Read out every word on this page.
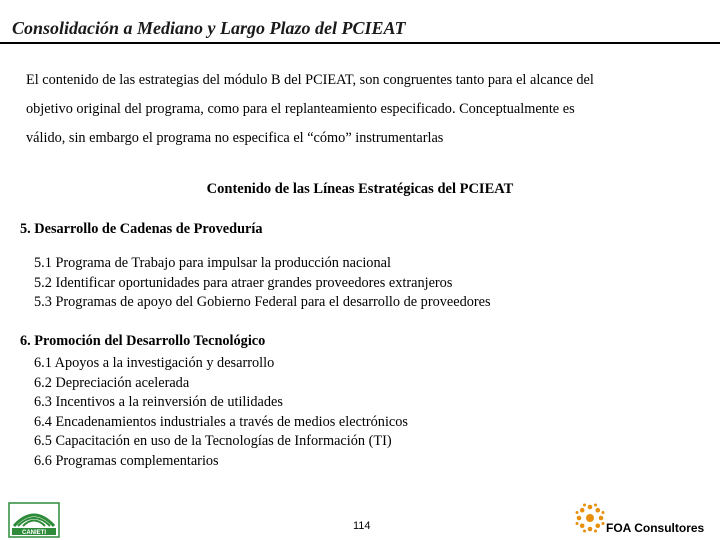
Consolidación a Mediano y Largo Plazo del PCIEAT
El contenido de las estrategias del módulo B del PCIEAT, son congruentes tanto para el alcance del
objetivo original del programa, como para el replanteamiento especificado. Conceptualmente es
válido, sin embargo el programa no especifica el “cómo” instrumentarlas
Contenido de las Líneas Estratégicas del PCIEAT
5. Desarrollo de Cadenas de Proveduría
5.1 Programa de Trabajo para impulsar la producción nacional
5.2 Identificar oportunidades para atraer grandes proveedores extranjeros
5.3 Programas de apoyo del Gobierno Federal para el desarrollo de proveedores
6. Promoción del Desarrollo Tecnológico
6.1 Apoyos a la investigación y desarrollo
6.2 Depreciación acelerada
6.3 Incentivos a la reinversión de utilidades
6.4 Encadenamientos industriales a través de medios electrónicos
6.5 Capacitación en uso de la Tecnologías de Información (TI)
6.6 Programas complementarios
CANIETI
114	FOA Consultores
